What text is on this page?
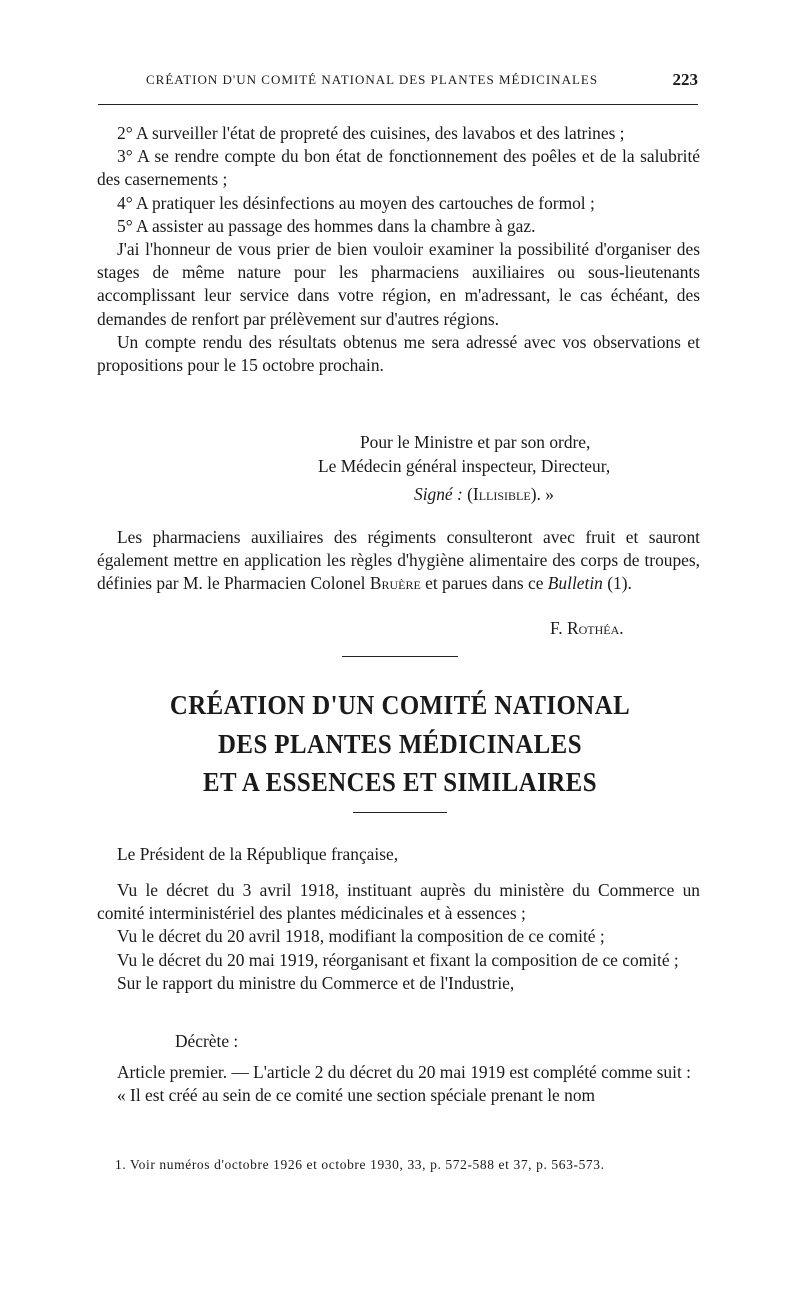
CRÉATION D'UN COMITÉ NATIONAL DES PLANTES MÉDICINALES	223

2° A surveiller l'état de propreté des cuisines, des lavabos et des latrines ;

3° A se rendre compte du bon état de fonctionnement des poêles et de la salubrité des casernements ;

4° A pratiquer les désinfections au moyen des cartouches de formol ;

5° A assister au passage des hommes dans la chambre à gaz.

J'ai l'honneur de vous prier de bien vouloir examiner la possibilité d'organiser des stages de même nature pour les pharmaciens auxiliaires ou sous-lieutenants accomplissant leur service dans votre région, en m'adressant, le cas échéant, des demandes de renfort par prélèvement sur d'autres régions.

Un compte rendu des résultats obtenus me sera adressé avec vos observations et propositions pour le 15 octobre prochain.

Pour le Ministre et par son ordre,
Le Médecin général inspecteur, Directeur,
Signé : (Illisible). »

Les pharmaciens auxiliaires des régiments consulteront avec fruit et sauront également mettre en application les règles d'hygiène alimentaire des corps de troupes, définies par M. le Pharmacien Colonel Bruère et parues dans ce Bulletin (1).

F. Rothéa.
CRÉATION D'UN COMITÉ NATIONAL
DES PLANTES MÉDICINALES
ET A ESSENCES ET SIMILAIRES

Le Président de la République française,

Vu le décret du 3 avril 1918, instituant auprès du ministère du Commerce un comité interministériel des plantes médicinales et à essences ;

Vu le décret du 20 avril 1918, modifiant la composition de ce comité ;

Vu le décret du 20 mai 1919, réorganisant et fixant la composition de ce comité ;

Sur le rapport du ministre du Commerce et de l'Industrie,

Décrète :

Article premier. — L'article 2 du décret du 20 mai 1919 est complété comme suit :

« Il est créé au sein de ce comité une section spéciale prenant le nom

1. Voir numéros d'octobre 1926 et octobre 1930, 33, p. 572-588 et 37, p. 563-573.
